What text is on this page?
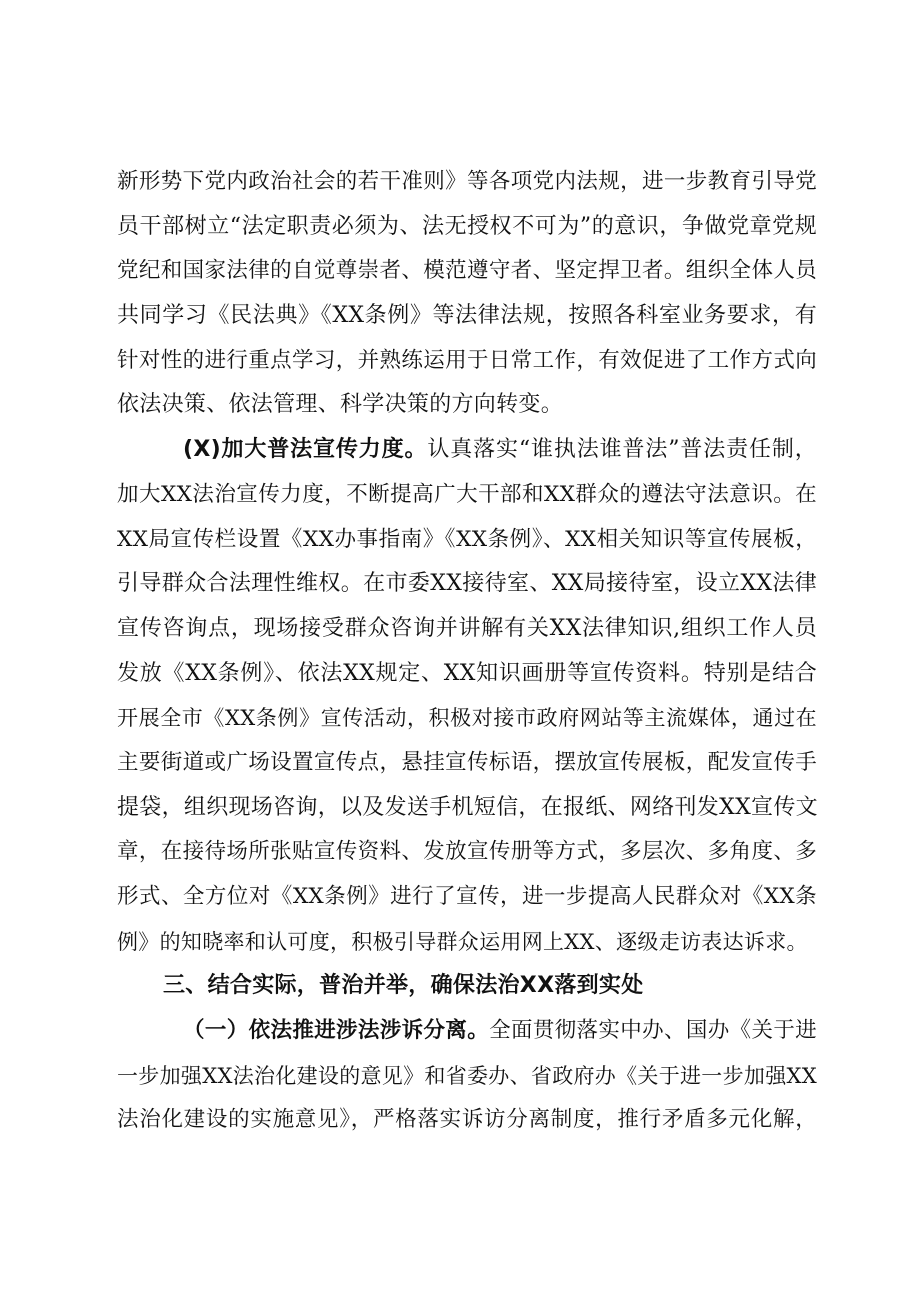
新形势下党内政治社会的若干准则》等各项党内法规，进一步教育引导党
员干部树立“法定职责必须为、法无授权不可为”的意识，争做党章党规
党纪和国家法律的自觉尊崇者、模范遵守者、坚定捍卫者。组织全体人员
共同学习《民法典》《XX条例》等法律法规，按照各科室业务要求，有
针对性的进行重点学习，并熟练运用于日常工作，有效促进了工作方式向
依法决策、依法管理、科学决策的方向转变。
(X)加大普法宣传力度。认真落实“谁执法谁普法”普法责任制，
加大XX法治宣传力度，不断提高广大干部和XX群众的遵法守法意识。在
XX局宣传栏设置《XX办事指南》《XX条例》、XX相关知识等宣传展板，
引导群众合法理性维权。在市委XX接待室、XX局接待室，设立XX法律
宣传咨询点，现场接受群众咨询并讲解有关XX法律知识,组织工作人员
发放《XX条例》、依法XX规定、XX知识画册等宣传资料。特别是结合
开展全市《XX条例》宣传活动，积极对接市政府网站等主流媒体，通过在
主要街道或广场设置宣传点，悬挂宣传标语，摆放宣传展板，配发宣传手
提袋，组织现场咨询，以及发送手机短信，在报纸、网络刊发XX宣传文
章，在接待场所张贴宣传资料、发放宣传册等方式，多层次、多角度、多
形式、全方位对《XX条例》进行了宣传，进一步提高人民群众对《XX条
例》的知晓率和认可度，积极引导群众运用网上XX、逐级走访表达诉求。
三、结合实际，普治并举，确保法治XX落到实处
（一）依法推进涉法涉诉分离。全面贯彻落实中办、国办《关于进
一步加强XX法治化建设的意见》和省委办、省政府办《关于进一步加强XX
法治化建设的实施意见》，严格落实诉访分离制度，推行矛盾多元化解，
